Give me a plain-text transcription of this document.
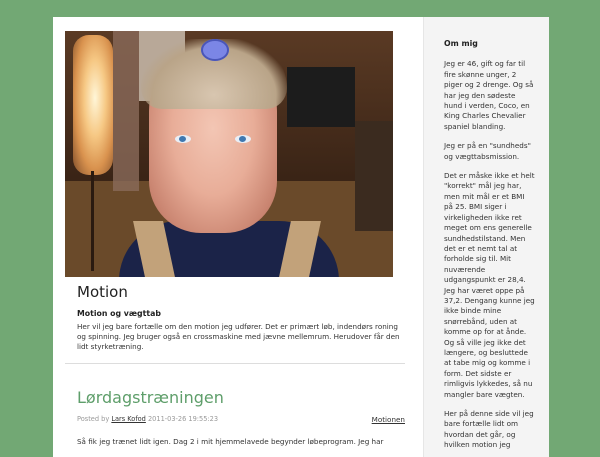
Motion
Motion og vægttab
Her vil jeg bare fortælle om den motion jeg udfører. Det er primært løb, indendørs roning og spinning. Jeg bruger også en crossmaskine med jævne mellemrum. Herudover får den lidt styrketræning.
Lørdagstræningen
Posted by Lars Kofod 2011-03-26 19:55:23	Motionen
Så fik jeg trænet lidt igen. Dag 2 i mit hjemmelavede begynder løbeprogram. Jeg har
Om mig

Jeg er 46, gift og far til fire skønne unger, 2 piger og 2 drenge. Og så har jeg den sødeste hund i verden, Coco, en King Charles Chevalier spaniel blanding.

Jeg er på en "sundheds" og vægttabsmission.

Det er måske ikke et helt "korrekt" mål jeg har, men mit mål er et BMI på 25. BMI siger i virkeligheden ikke ret meget om ens generelle sundhedstilstand. Men det er et nemt tal at forholde sig til. Mit nuværende udgangspunkt er 28,4. Jeg har været oppe på 37,2. Dengang kunne jeg ikke binde mine snørrebånd, uden at komme op for at ånde. Og så ville jeg ikke det længere, og besluttede at tabe mig og komme i form. Det sidste er rimligvis lykkedes, så nu mangler bare vægten.

Her på denne side vil jeg bare fortælle lidt om hvordan det går, og hvilken motion jeg
